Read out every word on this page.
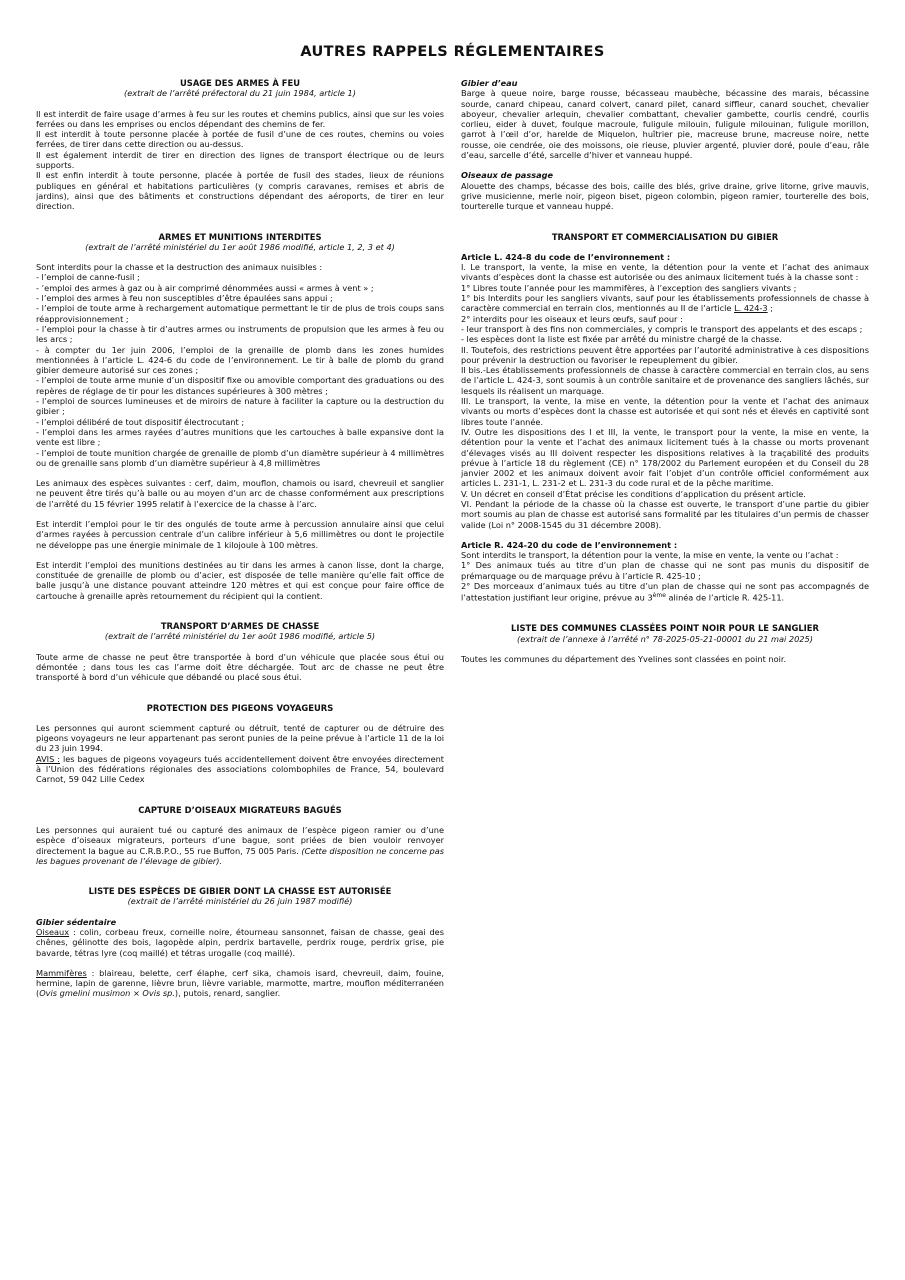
AUTRES RAPPELS RÉGLEMENTAIRES

USAGE DES ARMES À FEU

(extrait de l’arrêté préfectoral du 21 juin 1984, article 1)

Il est interdit de faire usage d’armes à feu sur les routes et chemins publics, ainsi que sur les voies ferrées ou dans les emprises ou enclos dépendant des chemins de fer.

Il est interdit à toute personne placée à portée de fusil d’une de ces routes, chemins ou voies ferrées, de tirer dans cette direction ou au-dessus.

Il est également interdit de tirer en direction des lignes de transport électrique ou de leurs supports.

Il est enfin interdit à toute personne, placée à portée de fusil des stades, lieux de réunions publiques en général et habitations particulières (y compris caravanes, remises et abris de jardins), ainsi que des bâtiments et constructions dépendant des aéroports, de tirer en leur direction.

ARMES ET MUNITIONS INTERDITES

(extrait de l’arrêté ministériel du 1er août 1986 modifié, article 1, 2, 3 et 4)

Sont interdits pour la chasse et la destruction des animaux nuisibles :

- l’emploi de canne-fusil ;

- ’emploi des armes à gaz ou à air comprimé dénommées aussi « armes à vent » ;

- l’emploi des armes à feu non susceptibles d’être épaulées sans appui ;

- l’emploi de toute arme à rechargement automatique permettant le tir de plus de trois coups sans réapprovisionnement ;

- l’emploi pour la chasse à tir d’autres armes ou instruments de propulsion que les armes à feu ou les arcs ;

- à compter du 1er juin 2006, l’emploi de la grenaille de plomb dans les zones humides mentionnées à l’article L. 424-6 du code de l’environnement. Le tir à balle de plomb du grand gibier demeure autorisé sur ces zones ;

- l’emploi de toute arme munie d’un dispositif fixe ou amovible comportant des graduations ou des repères de réglage de tir pour les distances supérieures à 300 mètres ;

- l’emploi de sources lumineuses et de miroirs de nature à faciliter la capture ou la destruction du gibier ;

- l’emploi délibéré de tout dispositif électrocutant ;

- l’emploi dans les armes rayées d’autres munitions que les cartouches à balle expansive dont la vente est libre ;

- l’emploi de toute munition chargée de grenaille de plomb d’un diamètre supérieur à 4 millimètres ou de grenaille sans plomb d’un diamètre supérieur à 4,8 millimètres

Les animaux des espèces suivantes : cerf, daim, mouflon, chamois ou isard, chevreuil et sanglier ne peuvent être tirés qu’à balle ou au moyen d’un arc de chasse conformément aux prescriptions de l’arrêté du 15 février 1995 relatif à l’exercice de la chasse à l’arc.

Est interdit l’emploi pour le tir des ongulés de toute arme à percussion annulaire ainsi que celui d’armes rayées à percussion centrale d’un calibre inférieur à 5,6 millimètres ou dont le projectile ne développe pas une énergie minimale de 1 kilojoule à 100 mètres.

Est interdit l’emploi des munitions destinées au tir dans les armes à canon lisse, dont la charge, constituée de grenaille de plomb ou d’acier, est disposée de telle manière qu’elle fait office de balle jusqu’à une distance pouvant atteindre 120 mètres et qui est conçue pour faire office de cartouche à grenaille après retournement du récipient qui la contient.

TRANSPORT D’ARMES DE CHASSE

(extrait de l’arrêté ministériel du 1er août 1986 modifié, article 5)

Toute arme de chasse ne peut être transportée à bord d’un véhicule que placée sous étui ou démontée ; dans tous les cas l’arme doit être déchargée. Tout arc de chasse ne peut être transporté à bord d’un véhicule que débandé ou placé sous étui.

PROTECTION DES PIGEONS VOYAGEURS

Les personnes qui auront sciemment capturé ou détruit, tenté de capturer ou de détruire des pigeons voyageurs ne leur appartenant pas seront punies de la peine prévue à l’article 11 de la loi du 23 juin 1994.

AVIS : les bagues de pigeons voyageurs tués accidentellement doivent être envoyées directement à l’Union des fédérations régionales des associations colombophiles de France, 54, boulevard Carnot, 59 042 Lille Cedex

CAPTURE D’OISEAUX MIGRATEURS BAGUÉS

Les personnes qui auraient tué ou capturé des animaux de l’espèce pigeon ramier ou d’une espèce d’oiseaux migrateurs, porteurs d’une bague, sont priées de bien vouloir renvoyer directement la bague au C.R.B.P.O., 55 rue Buffon, 75 005 Paris. (Cette disposition ne concerne pas les bagues provenant de l’élevage de gibier).

LISTE DES ESPÈCES DE GIBIER DONT LA CHASSE EST AUTORISÉE

(extrait de l’arrêté ministériel du 26 juin 1987 modifié)

Gibier sédentaire

Oiseaux : colin, corbeau freux, corneille noire, étourneau sansonnet, faisan de chasse, geai des chênes, gélinotte des bois, lagopède alpin, perdrix bartavelle, perdrix rouge, perdrix grise, pie bavarde, tétras lyre (coq maillé) et tétras urogalle (coq maillé).

Mammifères : blaireau, belette, cerf élaphe, cerf sika, chamois isard, chevreuil, daim, fouine, hermine, lapin de garenne, lièvre brun, lièvre variable, marmotte, martre, mouflon méditerranéen (Ovis gmelini musimon × Ovis sp.), putois, renard, sanglier.

Gibier d’eau

Barge à queue noire, barge rousse, bécasseau maubèche, bécassine des marais, bécassine sourde, canard chipeau, canard colvert, canard pilet, canard siffleur, canard souchet, chevalier aboyeur, chevalier arlequin, chevalier combattant, chevalier gambette, courlis cendré, courlis corlieu, eider à duvet, foulque macroule, fuligule milouin, fuligule milouinan, fuligule morillon, garrot à l’œil d’or, harelde de Miquelon, huîtrier pie, macreuse brune, macreuse noire, nette rousse, oie cendrée, oie des moissons, oie rieuse, pluvier argenté, pluvier doré, poule d’eau, râle d’eau, sarcelle d’été, sarcelle d’hiver et vanneau huppé.

Oiseaux de passage

Alouette des champs, bécasse des bois, caille des blés, grive draine, grive litorne, grive mauvis, grive musicienne, merle noir, pigeon biset, pigeon colombin, pigeon ramier, tourterelle des bois, tourterelle turque et vanneau huppé.

TRANSPORT ET COMMERCIALISATION DU GIBIER

Article L. 424-8 du code de l’environnement :

I. Le transport, la vente, la mise en vente, la détention pour la vente et l’achat des animaux vivants d’espèces dont la chasse est autorisée ou des animaux licitement tués à la chasse sont :

1° Libres toute l’année pour les mammifères, à l’exception des sangliers vivants ;

1° bis Interdits pour les sangliers vivants, sauf pour les établissements professionnels de chasse à caractère commercial en terrain clos, mentionnés au II de l’article L. 424-3 ;

2° interdits pour les oiseaux et leurs œufs, sauf pour :

- leur transport à des fins non commerciales, y compris le transport des appelants et des escaps ;

- les espèces dont la liste est fixée par arrêté du ministre chargé de la chasse.

II. Toutefois, des restrictions peuvent être apportées par l’autorité administrative à ces dispositions pour prévenir la destruction ou favoriser le repeuplement du gibier.

II bis.-Les établissements professionnels de chasse à caractère commercial en terrain clos, au sens de l’article L. 424-3, sont soumis à un contrôle sanitaire et de provenance des sangliers lâchés, sur lesquels ils réalisent un marquage.

III. Le transport, la vente, la mise en vente, la détention pour la vente et l’achat des animaux vivants ou morts d’espèces dont la chasse est autorisée et qui sont nés et élevés en captivité sont libres toute l’année.

IV. Outre les dispositions des I et III, la vente, le transport pour la vente, la mise en vente, la détention pour la vente et l’achat des animaux licitement tués à la chasse ou morts provenant d’élevages visés au III doivent respecter les dispositions relatives à la traçabilité des produits prévue à l’article 18 du règlement (CE) n° 178/2002 du Parlement européen et du Conseil du 28 janvier 2002 et les animaux doivent avoir fait l’objet d’un contrôle officiel conformément aux articles L. 231-1, L. 231-2 et L. 231-3 du code rural et de la pêche maritime.

V. Un décret en conseil d’État précise les conditions d’application du présent article.

VI. Pendant la période de la chasse où la chasse est ouverte, le transport d’une partie du gibier mort soumis au plan de chasse est autorisé sans formalité par les titulaires d’un permis de chasser valide (Loi n° 2008-1545 du 31 décembre 2008).

Article R. 424-20 du code de l’environnement :

Sont interdits le transport, la détention pour la vente, la mise en vente, la vente ou l’achat :

1° Des animaux tués au titre d’un plan de chasse qui ne sont pas munis du dispositif de prémarquage ou de marquage prévu à l’article R. 425-10 ;

2° Des morceaux d’animaux tués au titre d’un plan de chasse qui ne sont pas accompagnés de l’attestation justifiant leur origine, prévue au 3ème alinéa de l’article R. 425-11.

LISTE DES COMMUNES CLASSÉES POINT NOIR POUR LE SANGLIER

(extrait de l’annexe à l’arrêté n° 78-2025-05-21-00001 du 21 mai 2025)

Toutes les communes du département des Yvelines sont classées en point noir.
